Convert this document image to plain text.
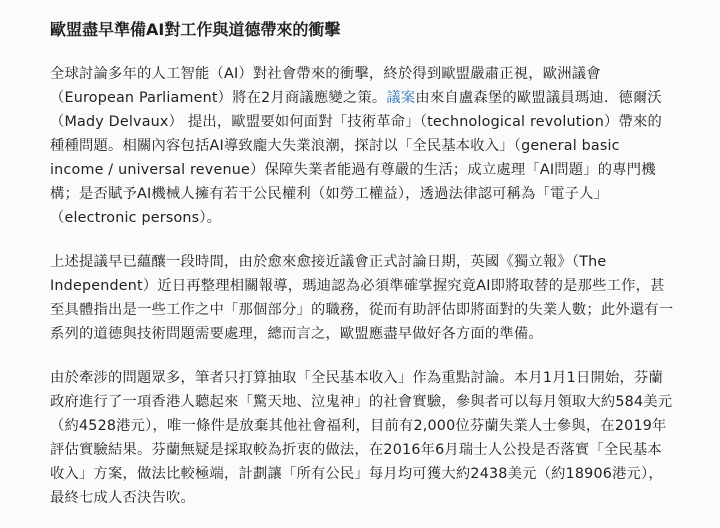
歐盟盡早準備AI對工作與道德帶來的衝擊

全球討論多年的人工智能（AI）對社會帶來的衝擊，終於得到歐盟嚴肅正視，歐洲議會（European Parliament）將在2月商議應變之策。議案由來自盧森堡的歐盟議員瑪迪．德爾沃（Mady Delvaux） 提出，歐盟要如何面對「技術革命」（technological revolution）帶來的種種問題。相關內容包括AI導致龐大失業浪潮，探討以「全民基本收入」（general basic income / universal revenue）保障失業者能過有尊嚴的生活；成立處理「AI問題」的專門機構；是否賦予AI機械人擁有若干公民權利（如勞工權益），透過法律認可稱為「電子人」（electronic persons）。

上述提議早已蘊釀一段時間，由於愈來愈接近議會正式討論日期，英國《獨立報》（The Independent）近日再整理相關報導，瑪迪認為必須準確掌握究竟AI即將取替的是那些工作，甚至具體指出是一些工作之中「那個部分」的職務，從而有助評估即將面對的失業人數；此外還有一系列的道德與技術問題需要處理，總而言之，歐盟應盡早做好各方面的準備。

由於牽涉的問題眾多，筆者只打算抽取「全民基本收入」作為重點討論。本月1月1日開始，芬蘭政府進行了一項香港人聽起來「驚天地、泣鬼神」的社會實驗，參與者可以每月領取大約584美元（約4528港元），唯一條件是放棄其他社會福利，目前有2,000位芬蘭失業人士參與，在2019年評估實驗結果。芬蘭無疑是採取較為折衷的做法，在2016年6月瑞士人公投是否落實「全民基本收入」方案，做法比較極端，計劃讓「所有公民」每月均可獲大約2438美元（約18906港元），最終七成人否決告吹。
